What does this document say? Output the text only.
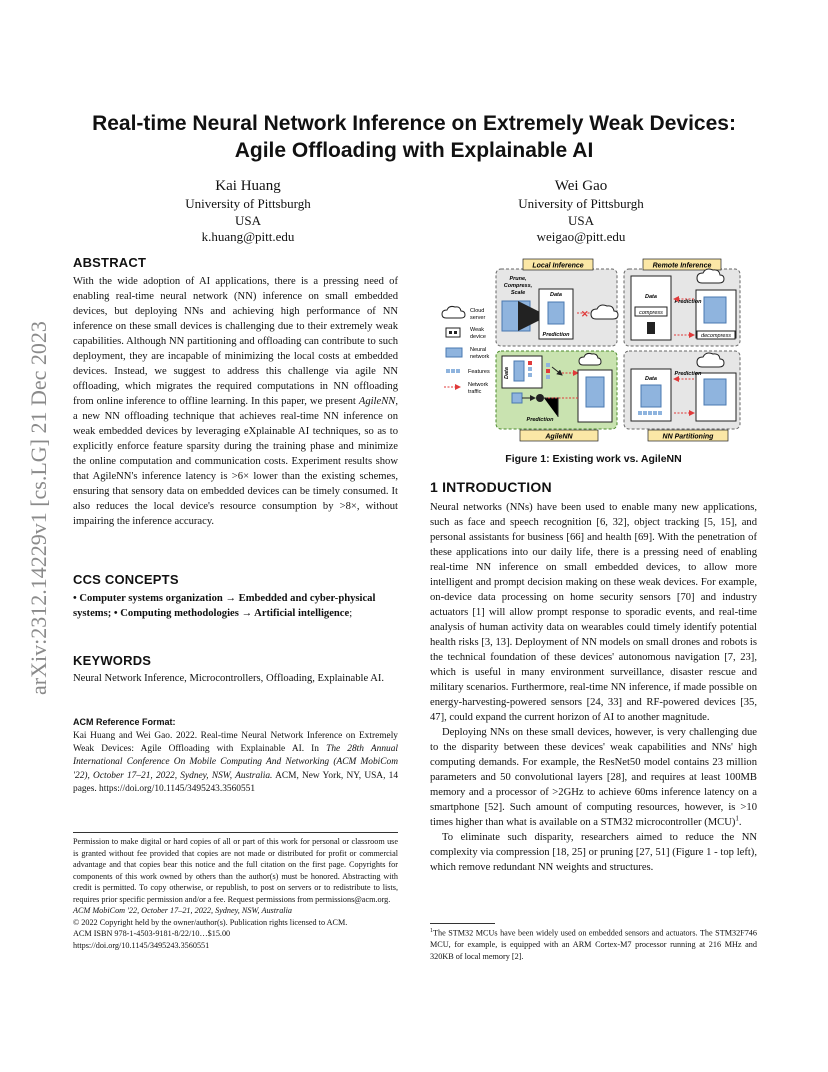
arXiv:2312.14229v1 [cs.LG] 21 Dec 2023
Real-time Neural Network Inference on Extremely Weak Devices:
Agile Offloading with Explainable AI
Kai Huang
University of Pittsburgh
USA
k.huang@pitt.edu
Wei Gao
University of Pittsburgh
USA
weigao@pitt.edu
ABSTRACT

With the wide adoption of AI applications, there is a pressing need of enabling real-time neural network (NN) inference on small embedded devices, but deploying NNs and achieving high performance of NN inference on these small devices is challenging due to their extremely weak capabilities. Although NN partitioning and offloading can contribute to such deployment, they are incapable of minimizing the local costs at embedded devices. Instead, we suggest to address this challenge via agile NN offloading, which migrates the required computations in NN offloading from online inference to offline learning. In this paper, we present AgileNN, a new NN offloading technique that achieves real-time NN inference on weak embedded devices by leveraging eXplainable AI techniques, so as to explicitly enforce feature sparsity during the training phase and minimize the online computation and communication costs. Experiment results show that AgileNN's inference latency is >6× lower than the existing schemes, ensuring that sensory data on embedded devices can be timely consumed. It also reduces the local device's resource consumption by >8×, without impairing the inference accuracy.

CCS CONCEPTS

• Computer systems organization → Embedded and cyber-physical systems; • Computing methodologies → Artificial intelligence;

KEYWORDS

Neural Network Inference, Microcontrollers, Offloading, Explainable AI.

ACM Reference Format:

Kai Huang and Wei Gao. 2022. Real-time Neural Network Inference on Extremely Weak Devices: Agile Offloading with Explainable AI. In The 28th Annual International Conference On Mobile Computing And Networking (ACM MobiCom '22), October 17–21, 2022, Sydney, NSW, Australia. ACM, New York, NY, USA, 14 pages. https://doi.org/10.1145/3495243.3560551

Permission to make digital or hard copies of all or part of this work for personal or classroom use is granted without fee provided that copies are not made or distributed for profit or commercial advantage and that copies bear this notice and the full citation on the first page. Copyrights for components of this work owned by others than the author(s) must be honored. Abstracting with credit is permitted. To copy otherwise, or republish, to post on servers or to redistribute to lists, requires prior specific permission and/or a fee. Request permissions from permissions@acm.org.

ACM MobiCom '22, October 17–21, 2022, Sydney, NSW, Australia

© 2022 Copyright held by the owner/author(s). Publication rights licensed to ACM.

ACM ISBN 978-1-4503-9181-8/22/10…$15.00

https://doi.org/10.1145/3495243.3560551

Cloud
server
Weak
device
Neural
network
Features
Network
traffic
Local Inference
Prune,
Compress,
Scale	Data
Prediction
✕
Remote Inference
Data
compress
Prediction
decompress
Data
Prediction
AgileNN
Data
Prediction
NN Partitioning
Figure 1: Existing work vs. AgileNN
1 INTRODUCTION

Neural networks (NNs) have been used to enable many new applications, such as face and speech recognition [6, 32], object tracking [5, 15], and personal assistants for business [66] and health [69]. With the penetration of these applications into our daily life, there is a pressing need of enabling real-time NN inference on small embedded devices, to allow more intelligent and prompt decision making on these weak devices. For example, on-device data processing on home security sensors [70] and industry actuators [1] will allow prompt response to sporadic events, and real-time analysis of human activity data on wearables could timely identify potential health risks [3, 13]. Deployment of NN models on small drones and robots is the technical foundation of these devices' autonomous navigation [7, 23], which is useful in many environment surveillance, disaster rescue and military scenarios. Furthermore, real-time NN inference, if made possible on energy-harvesting-powered sensors [24, 33] and RF-powered devices [35, 47], could expand the current horizon of AI to another magnitude.

Deploying NNs on these small devices, however, is very challenging due to the disparity between these devices' weak capabilities and NNs' high computing demands. For example, the ResNet50 model contains 23 million parameters and 50 convolutional layers [28], and requires at least 100MB memory and a processor of >2GHz to achieve 60ms inference latency on a smartphone [52]. Such amount of computing resources, however, is >10 times higher than what is available on a STM32 microcontroller (MCU)$^1$.

To eliminate such disparity, researchers aimed to reduce the NN complexity via compression [18, 25] or pruning [27, 51] (Figure 1 - top left), which remove redundant NN weights and structures.

$^1$The STM32 MCUs have been widely used on embedded sensors and actuators. The STM32F746 MCU, for example, is equipped with an ARM Cortex-M7 processor running at 216 MHz and 320KB of local memory [2].
